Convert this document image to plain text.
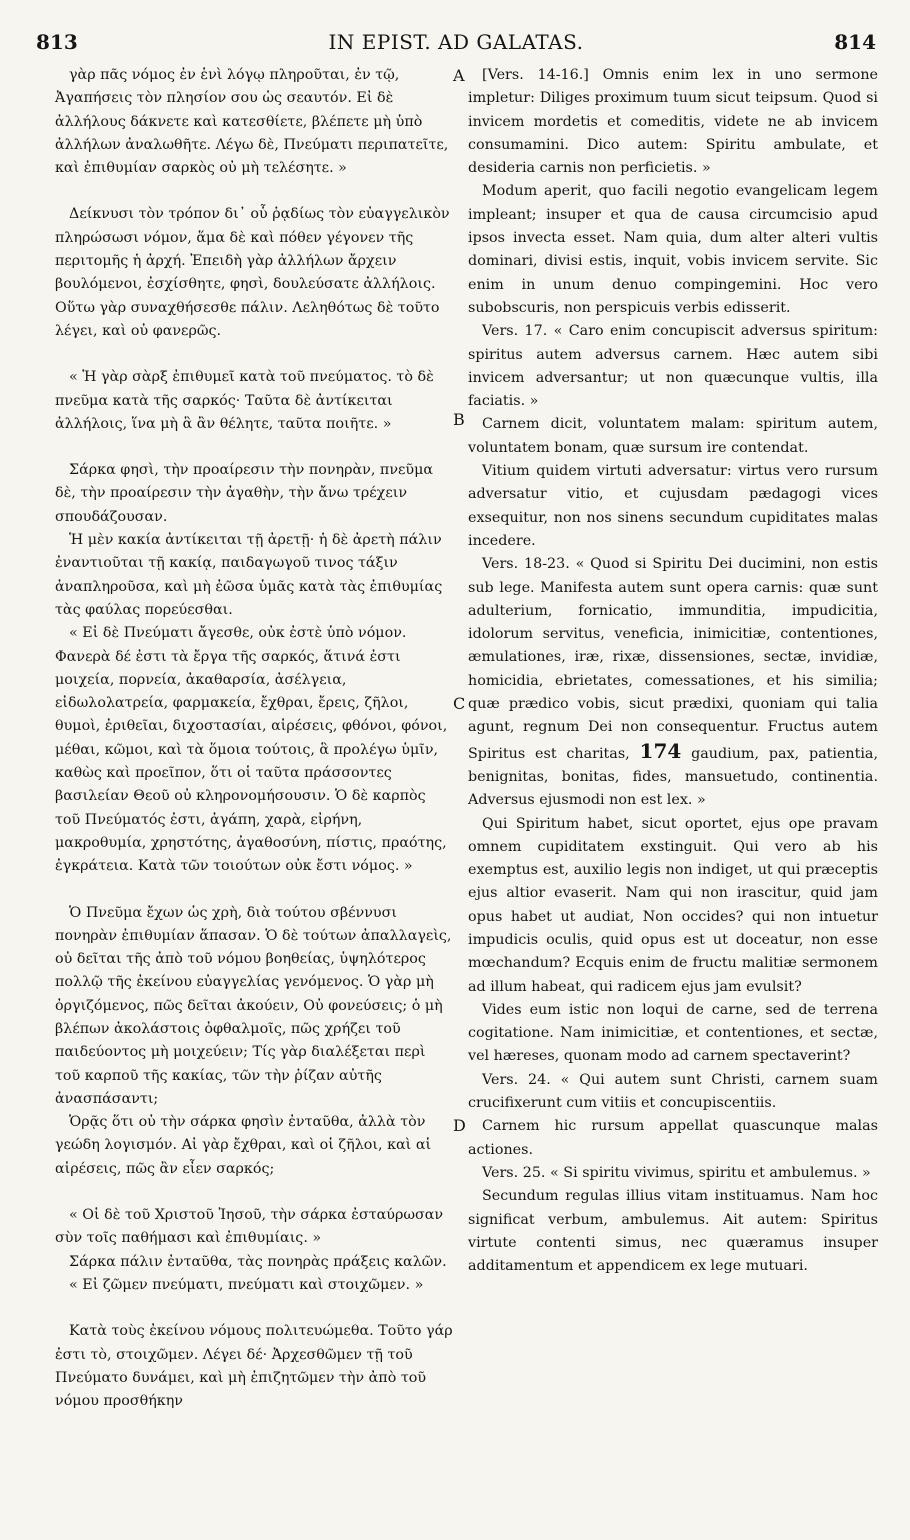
813	IN EPIST. AD GALATAS.	814

γὰρ πᾶς νόμος ἐν ἑνὶ λόγῳ πληροῦται, ἐν τῷ, Ἀγαπήσεις τὸν πλησίον σου ὡς σεαυτόν. Εἰ δὲ ἀλλήλους δάκνετε καὶ κατεσθίετε, βλέπετε μὴ ὑπὸ ἀλλήλων ἀναλωθῆτε. Λέγω δὲ, Πνεύματι περιπατεῖτε, καὶ ἐπιθυμίαν σαρκὸς οὐ μὴ τελέσητε. »

Δείκνυσι τὸν τρόπον δι᾽ οὗ ῥᾳδίως τὸν εὐαγγελικὸν πληρώσωσι νόμον, ἅμα δὲ καὶ πόθεν γέγονεν τῆς περιτομῆς ἡ ἀρχή. Ἐπειδὴ γὰρ ἀλλήλων ἄρχειν βουλόμενοι, ἐσχίσθητε, φησὶ, δουλεύσατε ἀλλήλοις. Οὕτω γὰρ συναχθήσεσθε πάλιν. Λεληθότως δὲ τοῦτο λέγει, καὶ οὐ φανερῶς.

« Ἡ γὰρ σὰρξ ἐπιθυμεῖ κατὰ τοῦ πνεύματος. τὸ δὲ πνεῦμα κατὰ τῆς σαρκός· Ταῦτα δὲ ἀντίκειται ἀλλήλοις, ἵνα μὴ ἃ ἂν θέλητε, ταῦτα ποιῆτε. »

Σάρκα φησὶ, τὴν προαίρεσιν τὴν πονηρὰν, πνεῦμα δὲ, τὴν προαίρεσιν τὴν ἀγαθὴν, τὴν ἄνω τρέχειν σπουδάζουσαν.

Ἡ μὲν κακία ἀντίκειται τῇ ἀρετῇ· ἡ δὲ ἀρετὴ πάλιν ἐναντιοῦται τῇ κακίᾳ, παιδαγωγοῦ τινος τάξιν ἀναπληροῦσα, καὶ μὴ ἐῶσα ὑμᾶς κατὰ τὰς ἐπιθυμίας τὰς φαύλας πορεύεσθαι.

« Εἰ δὲ Πνεύματι ἄγεσθε, οὐκ ἐστὲ ὑπὸ νόμον. Φανερὰ δέ ἐστι τὰ ἔργα τῆς σαρκός, ἅτινά ἐστι μοιχεία, πορνεία, ἀκαθαρσία, ἀσέλγεια, εἰδωλολατρεία, φαρμακεία, ἔχθραι, ἔρεις, ζῆλοι, θυμοὶ, ἐριθεῖαι, διχοστασίαι, αἱρέσεις, φθόνοι, φόνοι, μέθαι, κῶμοι, καὶ τὰ ὅμοια τούτοις, ἃ προλέγω ὑμῖν, καθὼς καὶ προεῖπον, ὅτι οἱ ταῦτα πράσσοντες βασιλείαν Θεοῦ οὐ κληρονομήσουσιν. Ὁ δὲ καρπὸς τοῦ Πνεύματός ἐστι, ἀγάπη, χαρὰ, εἰρήνη, μακροθυμία, χρηστότης, ἀγαθοσύνη, πίστις, πραότης, ἐγκράτεια. Κατὰ τῶν τοιούτων οὐκ ἔστι νόμος. »

Ὁ Πνεῦμα ἔχων ὡς χρὴ, διὰ τούτου σβέννυσι πονηρὰν ἐπιθυμίαν ἅπασαν. Ὁ δὲ τούτων ἀπαλλαγεὶς, οὐ δεῖται τῆς ἀπὸ τοῦ νόμου βοηθείας, ὑψηλότερος πολλῷ τῆς ἐκείνου εὐαγγελίας γενόμενος. Ὁ γὰρ μὴ ὀργιζόμενος, πῶς δεῖται ἀκούειν, Οὐ φονεύσεις; ὁ μὴ βλέπων ἀκολάστοις ὀφθαλμοῖς, πῶς χρήζει τοῦ παιδεύοντος μὴ μοιχεύειν; Τίς γὰρ διαλέξεται περὶ τοῦ καρποῦ τῆς κακίας, τῶν τὴν ῥίζαν αὐτῆς ἀνασπάσαντι;

Ὁρᾷς ὅτι οὐ τὴν σάρκα φησὶν ἐνταῦθα, ἀλλὰ τὸν γεώδη λογισμόν. Αἱ γὰρ ἔχθραι, καὶ οἱ ζῆλοι, καὶ αἱ αἱρέσεις, πῶς ἂν εἶεν σαρκός;

« Οἱ δὲ τοῦ Χριστοῦ Ἰησοῦ, τὴν σάρκα ἐσταύρωσαν σὺν τοῖς παθήμασι καὶ ἐπιθυμίαις. »

Σάρκα πάλιν ἐνταῦθα, τὰς πονηρὰς πράξεις καλῶν.

« Εἰ ζῶμεν πνεύματι, πνεύματι καὶ στοιχῶμεν. »

Κατὰ τοὺς ἐκείνου νόμους πολιτευώμεθα. Τοῦτο γάρ ἐστι τὸ, στοιχῶμεν. Λέγει δέ· Ἀρχεσθῶμεν τῇ τοῦ Πνεύματο δυνάμει, καὶ μὴ ἐπιζητῶμεν τὴν ἀπὸ τοῦ νόμου προσθήκην

A
B
C
D

[Vers. 14-16.] Omnis enim lex in uno sermone impletur: Diliges proximum tuum sicut teipsum. Quod si invicem mordetis et comeditis, videte ne ab invicem consumamini. Dico autem: Spiritu ambulate, et desideria carnis non perficietis. »

Modum aperit, quo facili negotio evangelicam legem impleant; insuper et qua de causa circumcisio apud ipsos invecta esset. Nam quia, dum alter alteri vultis dominari, divisi estis, inquit, vobis invicem servite. Sic enim in unum denuo compingemini. Hoc vero subobscuris, non perspicuis verbis edisserit.

Vers. 17. « Caro enim concupiscit adversus spiritum: spiritus autem adversus carnem. Hæc autem sibi invicem adversantur; ut non quæcunque vultis, illa faciatis. »

Carnem dicit, voluntatem malam: spiritum autem, voluntatem bonam, quæ sursum ire contendat.

Vitium quidem virtuti adversatur: virtus vero rursum adversatur vitio, et cujusdam pædagogi vices exsequitur, non nos sinens secundum cupiditates malas incedere.

Vers. 18-23. « Quod si Spiritu Dei ducimini, non estis sub lege. Manifesta autem sunt opera carnis: quæ sunt adulterium, fornicatio, immunditia, impudicitia, idolorum servitus, veneficia, inimicitiæ, contentiones, æmulationes, iræ, rixæ, dissensiones, sectæ, invidiæ, homicidia, ebrietates, comessationes, et his similia; quæ prædico vobis, sicut prædixi, quoniam qui talia agunt, regnum Dei non consequentur. Fructus autem Spiritus est charitas, 174 gaudium, pax, patientia, benignitas, bonitas, fides, mansuetudo, continentia. Adversus ejusmodi non est lex. »

Qui Spiritum habet, sicut oportet, ejus ope pravam omnem cupiditatem exstinguit. Qui vero ab his exemptus est, auxilio legis non indiget, ut qui præceptis ejus altior evaserit. Nam qui non irascitur, quid jam opus habet ut audiat, Non occides? qui non intuetur impudicis oculis, quid opus est ut doceatur, non esse mœchandum? Ecquis enim de fructu malitiæ sermonem ad illum habeat, qui radicem ejus jam evulsit?

Vides eum istic non loqui de carne, sed de terrena cogitatione. Nam inimicitiæ, et contentiones, et sectæ, vel hæreses, quonam modo ad carnem spectaverint?

Vers. 24. « Qui autem sunt Christi, carnem suam crucifixerunt cum vitiis et concupiscentiis.

Carnem hic rursum appellat quascunque malas actiones.

Vers. 25. « Si spiritu vivimus, spiritu et ambulemus. »

Secundum regulas illius vitam instituamus. Nam hoc significat verbum, ambulemus. Ait autem: Spiritus virtute contenti simus, nec quæramus insuper additamentum et appendicem ex lege mutuari.
